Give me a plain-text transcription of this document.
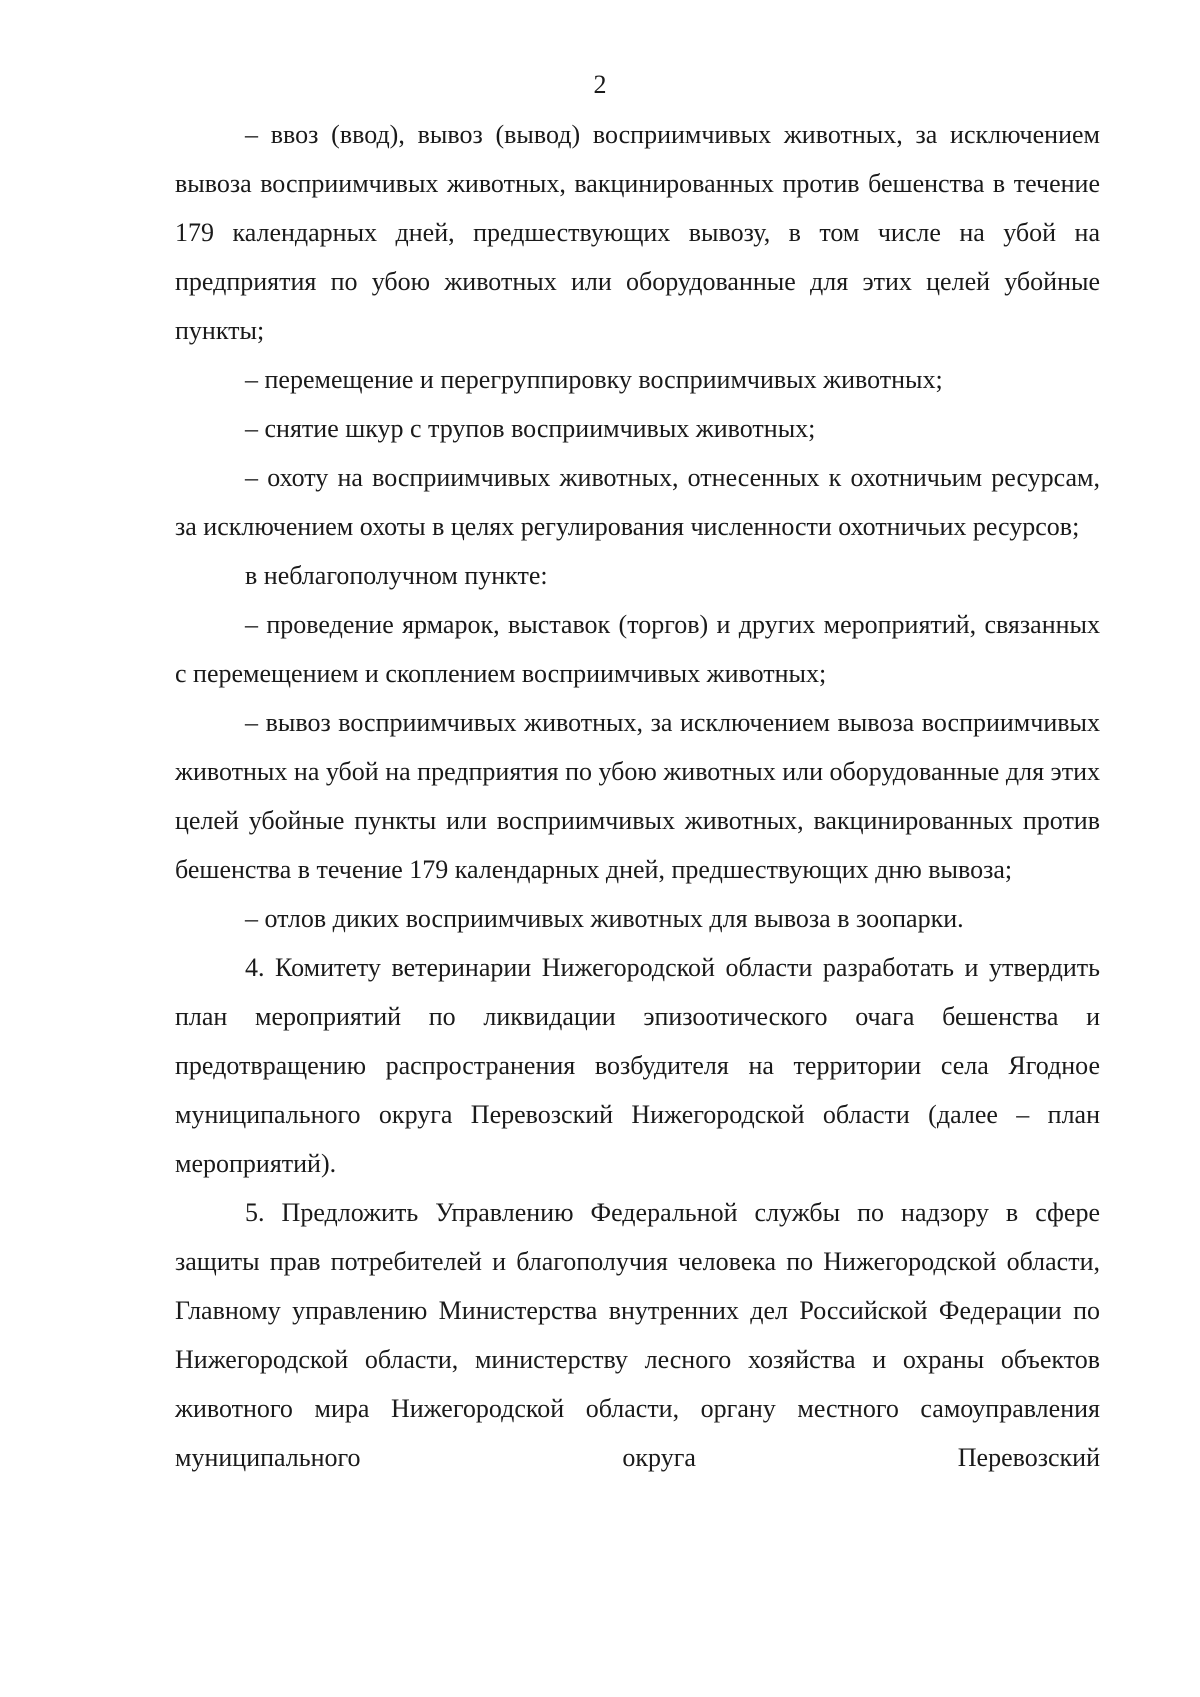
2

– ввоз (ввод), вывоз (вывод) восприимчивых животных, за исключением вывоза восприимчивых животных, вакцинированных против бешенства в течение 179 календарных дней, предшествующих вывозу, в том числе на убой на предприятия по убою животных или оборудованные для этих целей убойные пункты;

– перемещение и перегруппировку восприимчивых животных;

– снятие шкур с трупов восприимчивых животных;

– охоту на восприимчивых животных, отнесенных к охотничьим ресурсам, за исключением охоты в целях регулирования численности охотничьих ресурсов;

в неблагополучном пункте:

– проведение ярмарок, выставок (торгов) и других мероприятий, связанных с перемещением и скоплением восприимчивых животных;

– вывоз восприимчивых животных, за исключением вывоза восприимчивых животных на убой на предприятия по убою животных или оборудованные для этих целей убойные пункты или восприимчивых животных, вакцинированных против бешенства в течение 179 календарных дней, предшествующих дню вывоза;

– отлов диких восприимчивых животных для вывоза в зоопарки.

4. Комитету ветеринарии Нижегородской области разработать и утвердить план мероприятий по ликвидации эпизоотического очага бешенства и предотвращению распространения возбудителя на территории села Ягодное муниципального округа Перевозский Нижегородской области (далее – план мероприятий).

5. Предложить Управлению Федеральной службы по надзору в сфере защиты прав потребителей и благополучия человека по Нижегородской области, Главному управлению Министерства внутренних дел Российской Федерации по Нижегородской области, министерству лесного хозяйства и охраны объектов животного мира Нижегородской области, органу местного самоуправления муниципального округа Перевозский
